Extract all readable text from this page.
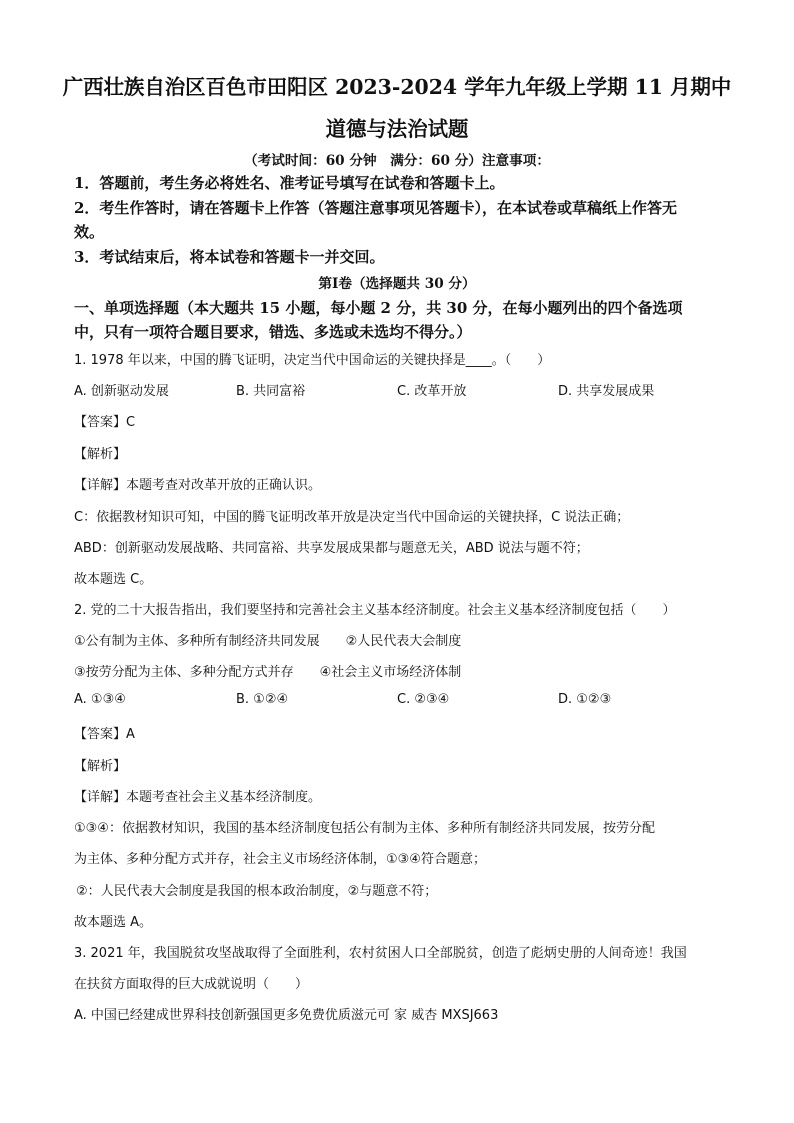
广西壮族自治区百色市田阳区 2023-2024 学年九年级上学期 11 月期中
道德与法治试题
（考试时间：60 分钟　满分：60 分）注意事项：
1．答题前，考生务必将姓名、准考证号填写在试卷和答题卡上。
2．考生作答时，请在答题卡上作答（答题注意事项见答题卡），在本试卷或草稿纸上作答无
效。
3．考试结束后，将本试卷和答题卡一并交回。
第Ⅰ卷（选择题共 30 分）
一、单项选择题（本大题共 15 小题，每小题 2 分，共 30 分，在每小题列出的四个备选项
中，只有一项符合题目要求，错选、多选或未选均不得分。）
1. 1978 年以来，中国的腾飞证明，决定当代中国命运的关键抉择是____。（　　）
A. 创新驱动发展	B. 共同富裕	C. 改革开放	D. 共享发展成果
【答案】C
【解析】
【详解】本题考查对改革开放的正确认识。
C：依据教材知识可知，中国的腾飞证明改革开放是决定当代中国命运的关键抉择，C 说法正确；
ABD：创新驱动发展战略、共同富裕、共享发展成果都与题意无关，ABD 说法与题不符；
故本题选 C。
2. 党的二十大报告指出，我们要坚持和完善社会主义基本经济制度。社会主义基本经济制度包括（　　）
①公有制为主体、多种所有制经济共同发展　　②人民代表大会制度
③按劳分配为主体、多种分配方式并存　　④社会主义市场经济体制
A. ①③④	B. ①②④	C. ②③④	D. ①②③
【答案】A
【解析】
【详解】本题考查社会主义基本经济制度。
①③④：依据教材知识，我国的基本经济制度包括公有制为主体、多种所有制经济共同发展，按劳分配
为主体、多种分配方式并存，社会主义市场经济体制，①③④符合题意；
②：人民代表大会制度是我国的根本政治制度，②与题意不符；
故本题选 A。
3. 2021 年，我国脱贫攻坚战取得了全面胜利，农村贫困人口全部脱贫，创造了彪炳史册的人间奇迹！我国
在扶贫方面取得的巨大成就说明（　　）
A. 中国已经建成世界科技创新强国更多免费优质滋元可 家 威杏 MXSJ663
